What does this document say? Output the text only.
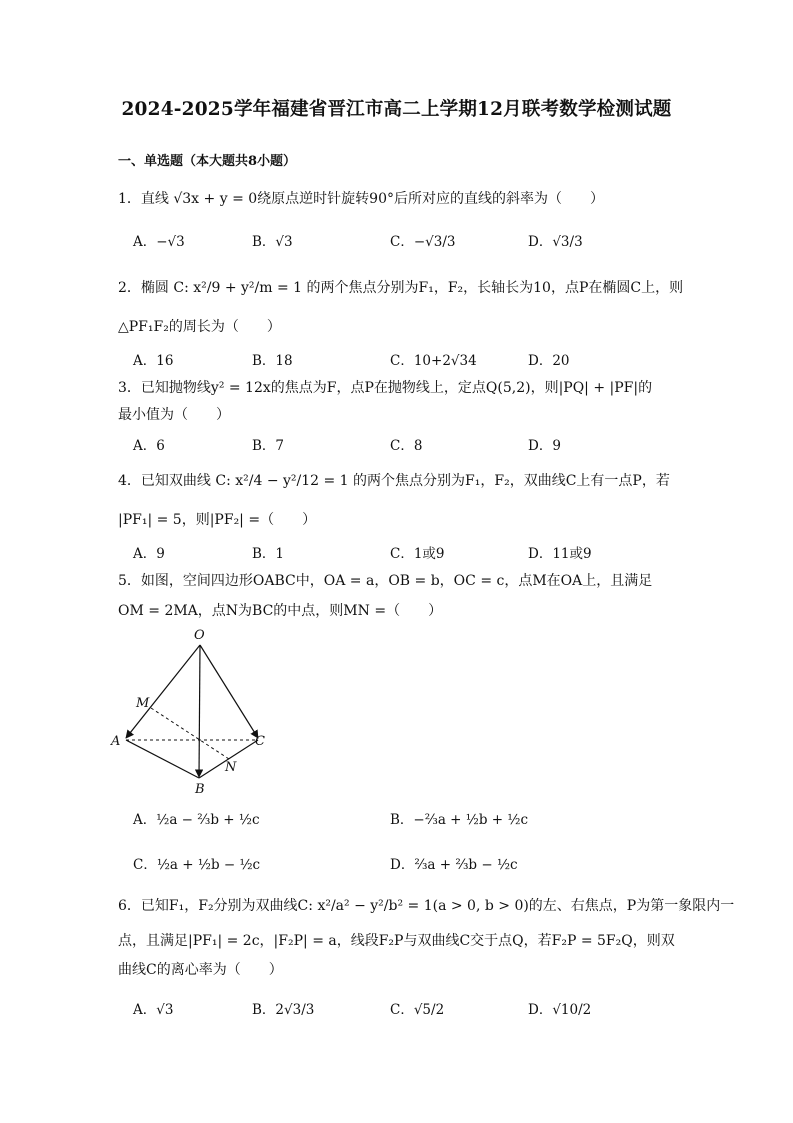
2024-2025学年福建省晋江市高二上学期12月联考数学检测试题
一、单选题（本大题共8小题）
1．直线 √3x + y = 0绕原点逆时针旋转90°后所对应的直线的斜率为（　　）
A．−√3	B．√3	C．−√3/3	D．√3/3
2．椭圆 C: x²/9 + y²/m = 1 的两个焦点分别为F₁，F₂，长轴长为10，点P在椭圆C上，则
△PF₁F₂的周长为（　　）
A．16	B．18	C．10+2√34	D．20
3．已知抛物线y² = 12x的焦点为F，点P在抛物线上，定点Q(5,2)，则|PQ| + |PF|的
最小值为（　　）
A．6	B．7	C．8	D．9
4．已知双曲线 C: x²/4 − y²/12 = 1 的两个焦点分别为F₁，F₂，双曲线C上有一点P，若
|PF₁| = 5，则|PF₂| =（　　）
A．9	B．1	C．1或9	D．11或9
5．如图，空间四边形OABC中，OA = a，OB = b，OC = c，点M在OA上，且满足
OM = 2MA，点N为BC的中点，则MN =（　　）
O
A
B
C
M
N
A．½a − ⅔b + ½c	B．−⅔a + ½b + ½c
C．½a + ½b − ½c	D．⅔a + ⅔b − ½c
6．已知F₁，F₂分别为双曲线C: x²/a² − y²/b² = 1(a > 0, b > 0)的左、右焦点，P为第一象限内一
点，且满足|PF₁| = 2c，|F₂P| = a，线段F₂P与双曲线C交于点Q，若F₂P = 5F₂Q，则双
曲线C的离心率为（　　）
A．√3	B．2√3/3	C．√5/2	D．√10/2
